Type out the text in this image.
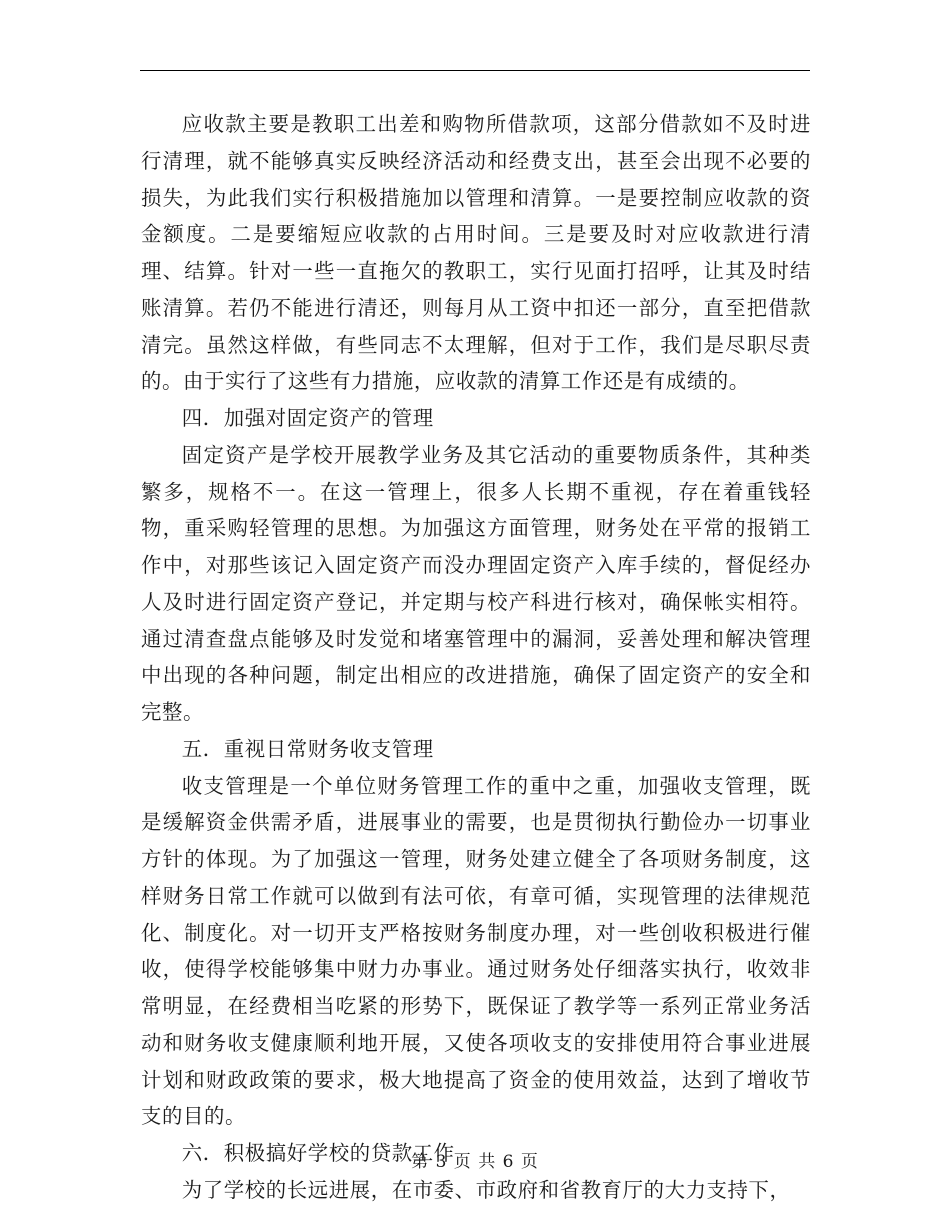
应收款主要是教职工出差和购物所借款项，这部分借款如不及时进行清理，就不能够真实反映经济活动和经费支出，甚至会出现不必要的损失，为此我们实行积极措施加以管理和清算。一是要控制应收款的资金额度。二是要缩短应收款的占用时间。三是要及时对应收款进行清理、结算。针对一些一直拖欠的教职工，实行见面打招呼，让其及时结账清算。若仍不能进行清还，则每月从工资中扣还一部分，直至把借款清完。虽然这样做，有些同志不太理解，但对于工作，我们是尽职尽责的。由于实行了这些有力措施，应收款的清算工作还是有成绩的。

四．加强对固定资产的管理

固定资产是学校开展教学业务及其它活动的重要物质条件，其种类繁多，规格不一。在这一管理上，很多人长期不重视，存在着重钱轻物，重采购轻管理的思想。为加强这方面管理，财务处在平常的报销工作中，对那些该记入固定资产而没办理固定资产入库手续的，督促经办人及时进行固定资产登记，并定期与校产科进行核对，确保帐实相符。通过清查盘点能够及时发觉和堵塞管理中的漏洞，妥善处理和解决管理中出现的各种问题，制定出相应的改进措施，确保了固定资产的安全和完整。

五．重视日常财务收支管理

收支管理是一个单位财务管理工作的重中之重，加强收支管理，既是缓解资金供需矛盾，进展事业的需要，也是贯彻执行勤俭办一切事业方针的体现。为了加强这一管理，财务处建立健全了各项财务制度，这样财务日常工作就可以做到有法可依，有章可循，实现管理的法律规范化、制度化。对一切开支严格按财务制度办理，对一些创收积极进行催收，使得学校能够集中财力办事业。通过财务处仔细落实执行，收效非常明显，在经费相当吃紧的形势下，既保证了教学等一系列正常业务活动和财务收支健康顺利地开展，又使各项收支的安排使用符合事业进展计划和财政政策的要求，极大地提高了资金的使用效益，达到了增收节支的目的。

六．积极搞好学校的贷款工作

为了学校的长远进展，在市委、市政府和省教育厅的大力支持下，

第 3 页 共 6 页
